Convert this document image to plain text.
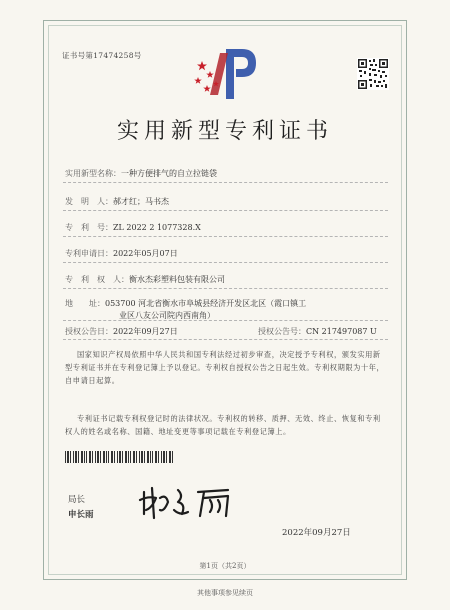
证书号第17474258号
实用新型专利证书
实用新型名称：一种方便排气的自立拉链袋
发　明　人：郝才红；马书杰
专　利　号：ZL 2022 2 1077328.X
专利申请日：2022年05月07日
专　利　权　人：衡水杰彩塑料包装有限公司
地　　址：053700 河北省衡水市阜城县经济开发区北区（霞口镇工
业区八友公司院内西南角）
授权公告日：2022年09月27日	授权公告号：CN 217497087 U
国家知识产权局依照中华人民共和国专利法经过初步审查，决定授予专利权，颁发实用新型专利证书并在专利登记簿上予以登记。专利权自授权公告之日起生效。专利权期限为十年，自申请日起算。
专利证书记载专利权登记时的法律状况。专利权的转移、质押、无效、终止、恢复和专利权人的姓名或名称、国籍、地址变更等事项记载在专利登记簿上。
局长
申长雨
2022年09月27日
第1页（共2页）
其他事项参见续页
